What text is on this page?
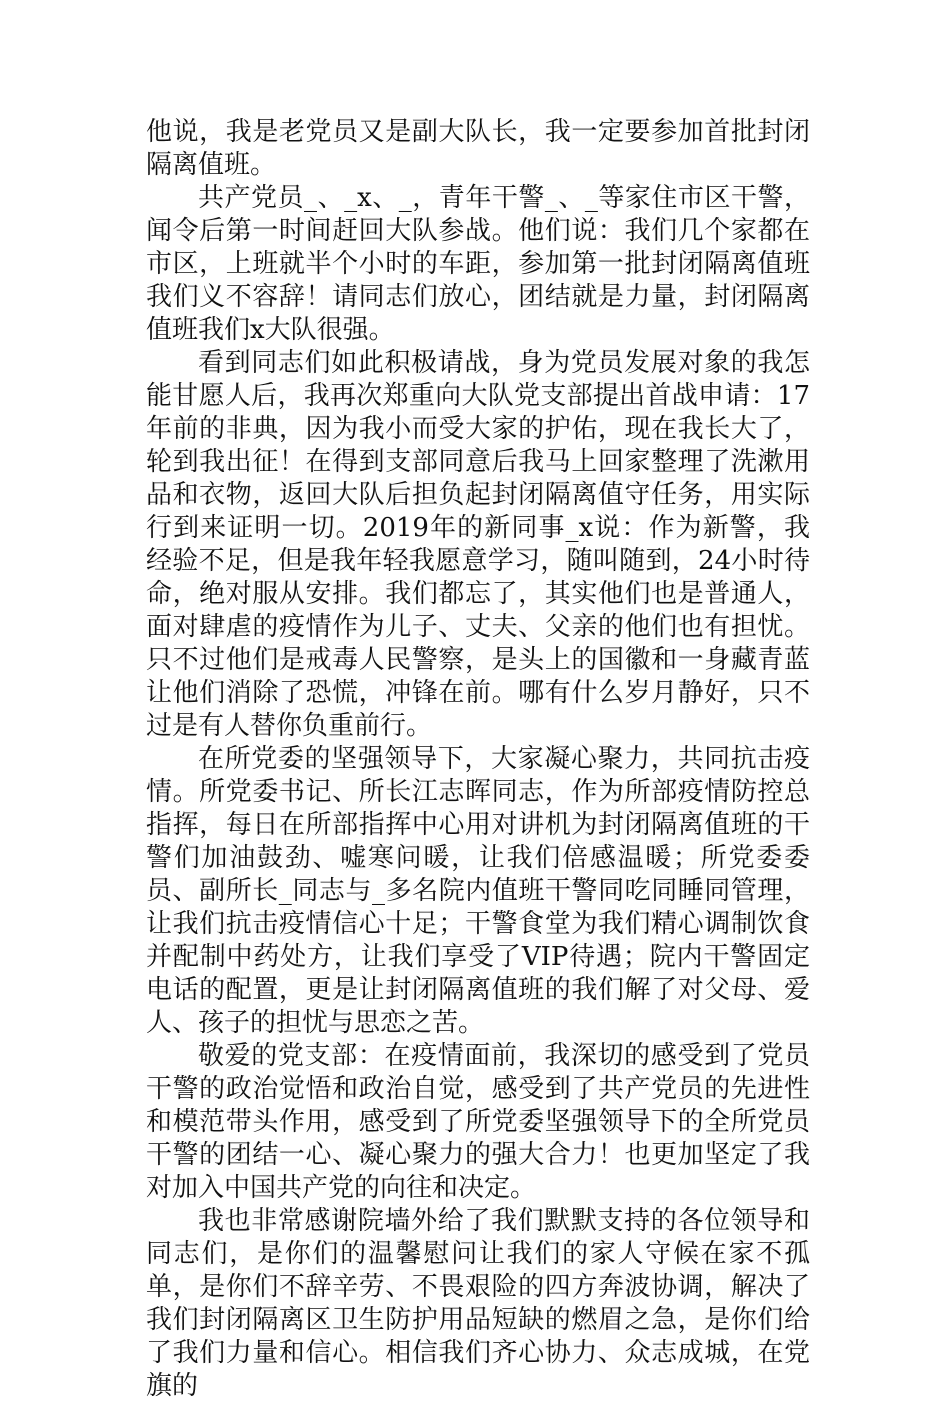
他说，我是老党员又是副大队长，我一定要参加首批封闭隔离值班。

共产党员_、_x、_，青年干警_、_等家住市区干警，闻令后第一时间赶回大队参战。他们说：我们几个家都在市区，上班就半个小时的车距，参加第一批封闭隔离值班我们义不容辞！请同志们放心，团结就是力量，封闭隔离值班我们x大队很强。

看到同志们如此积极请战，身为党员发展对象的我怎能甘愿人后，我再次郑重向大队党支部提出首战申请：17年前的非典，因为我小而受大家的护佑，现在我长大了，轮到我出征！在得到支部同意后我马上回家整理了洗漱用品和衣物，返回大队后担负起封闭隔离值守任务，用实际行到来证明一切。2019年的新同事_x说：作为新警，我经验不足，但是我年轻我愿意学习，随叫随到，24小时待命，绝对服从安排。我们都忘了，其实他们也是普通人，面对肆虐的疫情作为儿子、丈夫、父亲的他们也有担忧。只不过他们是戒毒人民警察，是头上的国徽和一身藏青蓝让他们消除了恐慌，冲锋在前。哪有什么岁月静好，只不过是有人替你负重前行。

在所党委的坚强领导下，大家凝心聚力，共同抗击疫情。所党委书记、所长江志晖同志，作为所部疫情防控总指挥，每日在所部指挥中心用对讲机为封闭隔离值班的干警们加油鼓劲、嘘寒问暖，让我们倍感温暖；所党委委员、副所长_同志与_多名院内值班干警同吃同睡同管理，让我们抗击疫情信心十足；干警食堂为我们精心调制饮食并配制中药处方，让我们享受了VIP待遇；院内干警固定电话的配置，更是让封闭隔离值班的我们解了对父母、爱人、孩子的担忧与思恋之苦。

敬爱的党支部：在疫情面前，我深切的感受到了党员干警的政治觉悟和政治自觉，感受到了共产党员的先进性和模范带头作用，感受到了所党委坚强领导下的全所党员干警的团结一心、凝心聚力的强大合力！也更加坚定了我对加入中国共产党的向往和决定。

我也非常感谢院墙外给了我们默默支持的各位领导和同志们，是你们的温馨慰问让我们的家人守候在家不孤单，是你们不辞辛劳、不畏艰险的四方奔波协调，解决了我们封闭隔离区卫生防护用品短缺的燃眉之急，是你们给了我们力量和信心。相信我们齐心协力、众志成城，在党旗的
